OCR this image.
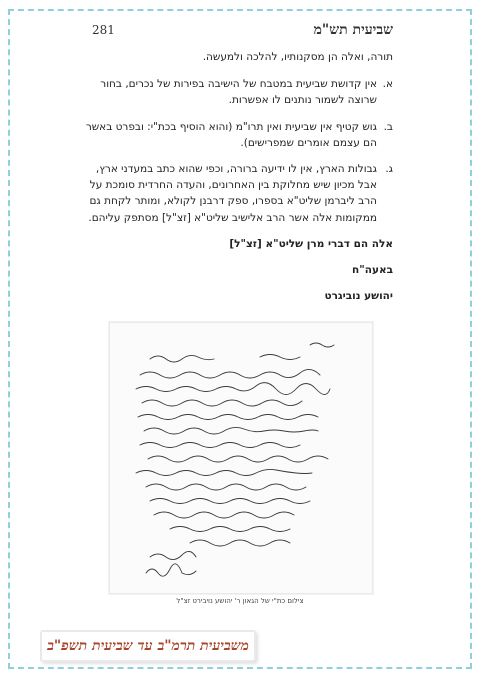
שביעית תש"מ
281

תורה, ואלה הן מסקנותיו, להלכה ולמעשה.

א.
אין קדושת שביעית במטבח של הישיבה בפירות של נכרים, בחור שרוצה לשמור נותנים לו אפשרות.
ב.
גוש קטיף אין שביעית ואין תרו"מ (והוא הוסיף בכת"י: ובפרט באשר הם עצמם אומרים שמפרישים).
ג.
גבולות הארץ, אין לו ידיעה ברורה, וכפי שהוא כתב במעדני ארץ, אבל מכיון שיש מחלוקת בין האחרונים, והעדה החרדית סומכת על הרב ליברמן שליט"א בספרו, ספק דרבנן לקולא, ומותר לקחת גם ממקומות אלה אשר הרב אלישיב שליט"א [זצ"ל] מסתפק עליהם.

אלה הם דברי מרן שליט"א [זצ"ל]

באעה"ח

יהושע נוביגרט

צילום כת"י של הגאון ר' יהושע נויבירט זצ"ל
משביעית תרמ"ב עד שביעית תשפ"ב
